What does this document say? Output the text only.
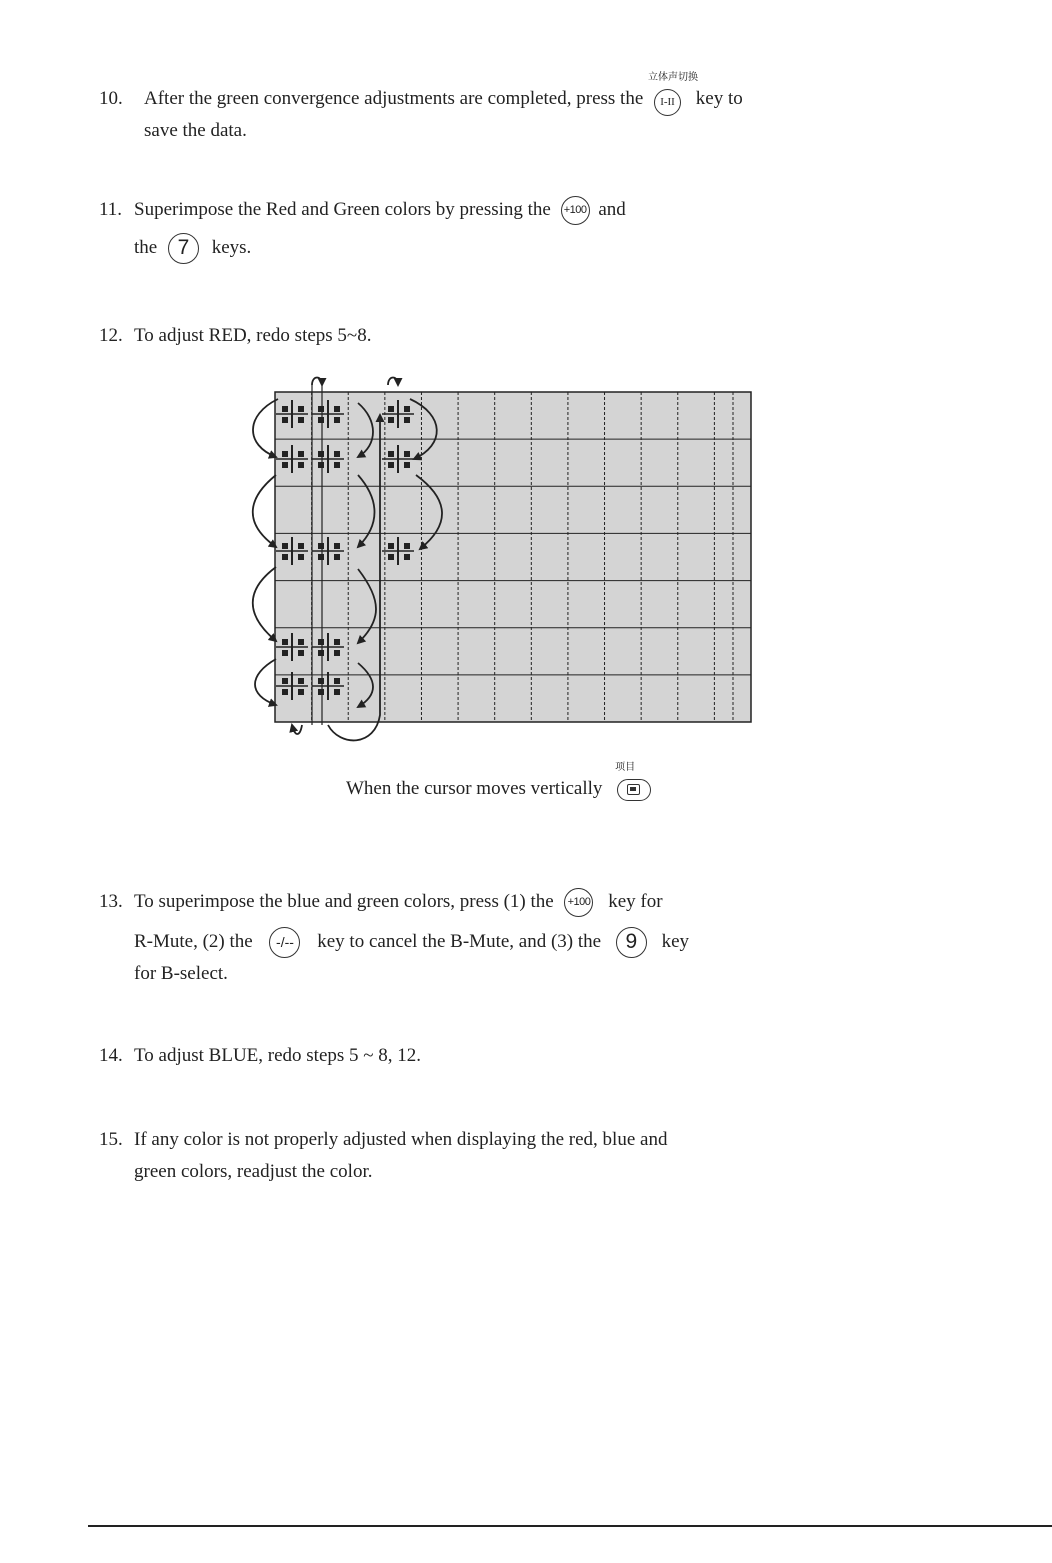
10. After the green convergence adjustments are completed, press the
立体声切换
I-II key to
save the data.
11. Superimpose the Red and Green colors by pressing the +100 and
the 7 keys.
12. To adjust RED, redo steps 5~8.
When the cursor moves vertically
项目
13. To superimpose the blue and green colors, press (1) the +100 key for
R-Mute, (2) the -/-- key to cancel the B-Mute, and (3) the 9 key
for B-select.
14. To adjust BLUE, redo steps 5 ~ 8, 12.
15. If any color is not properly adjusted when displaying the red, blue and
green colors, readjust the color.
